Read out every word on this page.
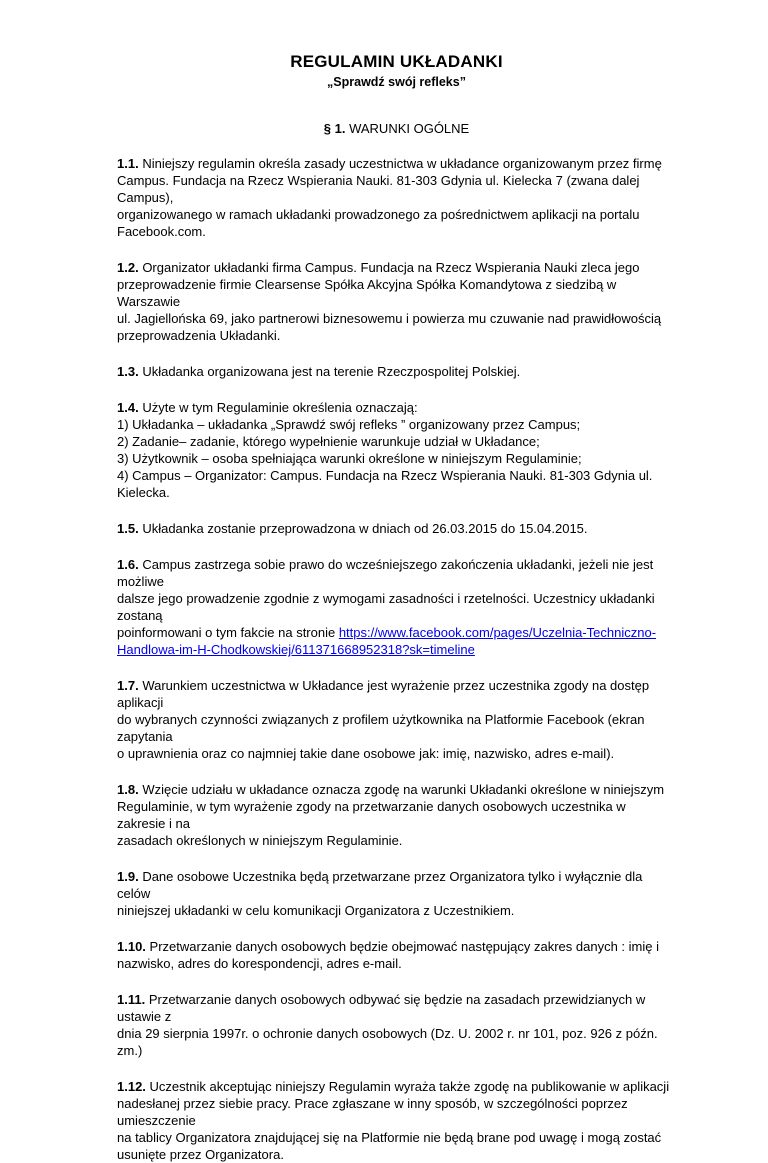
REGULAMIN UKŁADANKI
„Sprawdź swój refleks”
§ 1. WARUNKI OGÓLNE
1.1. Niniejszy regulamin określa zasady uczestnictwa w układance organizowanym przez firmę
Campus. Fundacja na Rzecz Wspierania Nauki. 81-303 Gdynia ul. Kielecka 7 (zwana dalej Campus),
organizowanego w ramach układanki prowadzonego za pośrednictwem aplikacji na portalu
Facebook.com.
1.2. Organizator układanki firma Campus. Fundacja na Rzecz Wspierania Nauki zleca jego
przeprowadzenie firmie Clearsense Spółka Akcyjna Spółka Komandytowa z siedzibą w Warszawie
ul. Jagiellońska 69, jako partnerowi biznesowemu i powierza mu czuwanie nad prawidłowością
przeprowadzenia Układanki.
1.3. Układanka organizowana jest na terenie Rzeczpospolitej Polskiej.
1.4. Użyte w tym Regulaminie określenia oznaczają:
1) Układanka – układanka „Sprawdź swój refleks ” organizowany przez Campus;
2) Zadanie– zadanie, którego wypełnienie warunkuje udział w Układance;
3) Użytkownik – osoba spełniająca warunki określone w niniejszym Regulaminie;
4) Campus – Organizator: Campus. Fundacja na Rzecz Wspierania Nauki. 81-303 Gdynia ul. Kielecka.
1.5. Układanka zostanie przeprowadzona w dniach od 26.03.2015 do 15.04.2015.
1.6. Campus zastrzega sobie prawo do wcześniejszego zakończenia układanki, jeżeli nie jest możliwe
dalsze jego prowadzenie zgodnie z wymogami zasadności i rzetelności. Uczestnicy układanki zostaną
poinformowani o tym fakcie na stronie https://www.facebook.com/pages/Uczelnia-Techniczno-
Handlowa-im-H-Chodkowskiej/611371668952318?sk=timeline
1.7. Warunkiem uczestnictwa w Układance jest wyrażenie przez uczestnika zgody na dostęp aplikacji
do wybranych czynności związanych z profilem użytkownika na Platformie Facebook (ekran zapytania
o uprawnienia oraz co najmniej takie dane osobowe jak: imię, nazwisko, adres e-mail).
1.8. Wzięcie udziału w układance oznacza zgodę na warunki Układanki określone w niniejszym
Regulaminie, w tym wyrażenie zgody na przetwarzanie danych osobowych uczestnika w zakresie i na
zasadach określonych w niniejszym Regulaminie.
1.9. Dane osobowe Uczestnika będą przetwarzane przez Organizatora tylko i wyłącznie dla celów
niniejszej układanki w celu komunikacji Organizatora z Uczestnikiem.
1.10. Przetwarzanie danych osobowych będzie obejmować następujący zakres danych : imię i
nazwisko, adres do korespondencji, adres e-mail.
1.11. Przetwarzanie danych osobowych odbywać się będzie na zasadach przewidzianych w ustawie z
dnia 29 sierpnia 1997r. o ochronie danych osobowych (Dz. U. 2002 r. nr 101, poz. 926 z późn. zm.)
1.12. Uczestnik akceptując niniejszy Regulamin wyraża także zgodę na publikowanie w aplikacji
nadesłanej przez siebie pracy. Prace zgłaszane w inny sposób, w szczególności poprzez umieszczenie
na tablicy Organizatora znajdującej się na Platformie nie będą brane pod uwagę i mogą zostać
usunięte przez Organizatora.
